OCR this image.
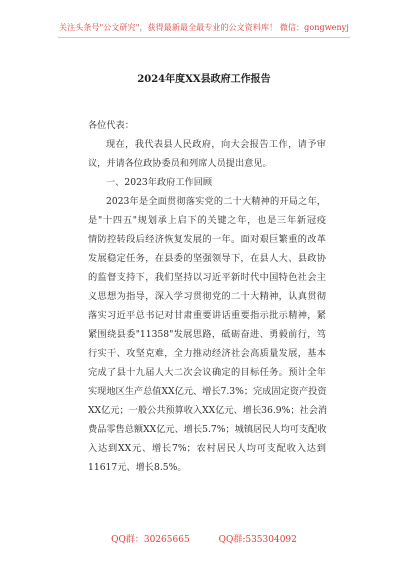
关注头条号"公文研究"，获得最新最全最专业的公文资料库！ 微信：gongwenyj
2024年度XX县政府工作报告
各位代表：
现在，我代表县人民政府，向大会报告工作，请予审
议，并请各位政协委员和列席人员提出意见。
一、2023年政府工作回顾
2023年是全面贯彻落实党的二十大精神的开局之年，
是"十四五"规划承上启下的关键之年，也是三年新冠疫
情防控转段后经济恢复发展的一年。面对艰巨繁重的改革
发展稳定任务，在县委的坚强领导下，在县人大、县政协
的监督支持下，我们坚持以习近平新时代中国特色社会主
义思想为指导，深入学习贯彻党的二十大精神，认真贯彻
落实习近平总书记对甘肃重要讲话重要指示批示精神，紧
紧围绕县委"11358"发展思路，砥砺奋进、勇毅前行，笃
行实干、攻坚克难，全力推动经济社会高质量发展，基本
完成了县十九届人大二次会议确定的目标任务。预计全年
实现地区生产总值XX亿元、增长7.3%；完成固定资产投资
XX亿元；一般公共预算收入XX亿元、增长36.9%；社会消
费品零售总额XX亿元、增长5.7%；城镇居民人均可支配收
入达到XX元、增长7%；农村居民人均可支配收入达到
11617元、增长8.5%。
QQ群：30265665	QQ群:535304092
